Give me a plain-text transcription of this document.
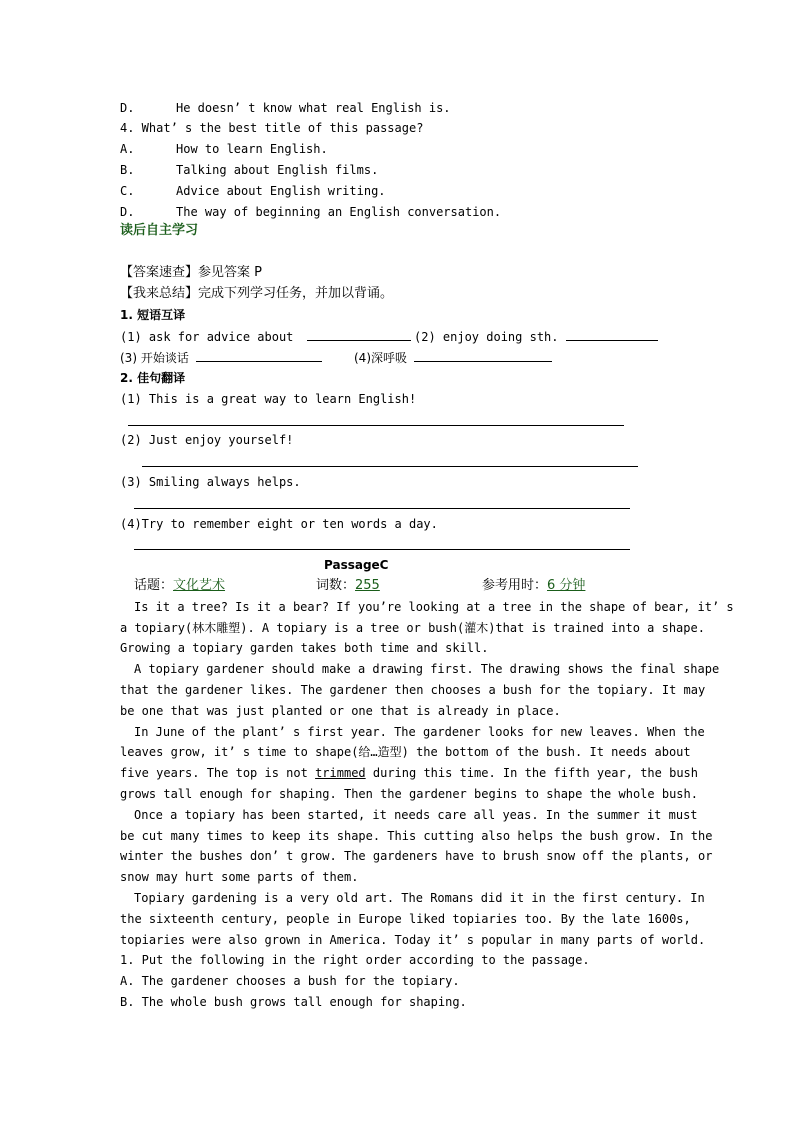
D.	He doesn’ t know what real English is.
4. What’ s the best title of this passage?
A.	How to learn English.
B.	Talking about English films.
C.	Advice about English writing.
D.	The way of beginning an English conversation.
读后自主学习
【答案速查】参见答案 P
【我来总结】完成下列学习任务，并加以背诵。
1. 短语互译
(1) ask for advice about	(2) enjoy doing sth.
(3) 开始谈话	(4)深呼吸
2. 佳句翻译
(1) This is a great way to learn English!
(2) Just enjoy yourself!
(3) Smiling always helps.
(4)Try to remember eight or ten words a day.
PassageC
话题：文化艺术	词数：255	参考用时：6 分钟
Is it a tree? Is it a bear? If you’re looking at a tree in the shape of bear, it’ s
a topiary(林木雕塑). A topiary is a tree or bush(灌木)that is trained into a shape.
Growing a topiary garden takes both time and skill.
A topiary gardener should make a drawing first. The drawing shows the final shape
that the gardener likes. The gardener then chooses a bush for the topiary. It may
be one that was just planted or one that is already in place.
In June of the plant’ s first year. The gardener looks for new leaves. When the
leaves grow, it’ s time to shape(给…造型) the bottom of the bush. It needs about
five years. The top is not trimmed during this time. In the fifth year, the bush
grows tall enough for shaping. Then the gardener begins to shape the whole bush.
Once a topiary has been started, it needs care all yeas. In the summer it must
be cut many times to keep its shape. This cutting also helps the bush grow. In the
winter the bushes don’ t grow. The gardeners have to brush snow off the plants, or
snow may hurt some parts of them.
Topiary gardening is a very old art. The Romans did it in the first century. In
the sixteenth century, people in Europe liked topiaries too. By the late 1600s,
topiaries were also grown in America. Today it’ s popular in many parts of world.
1. Put the following in the right order according to the passage.
A. The gardener chooses a bush for the topiary.
B. The whole bush grows tall enough for shaping.
